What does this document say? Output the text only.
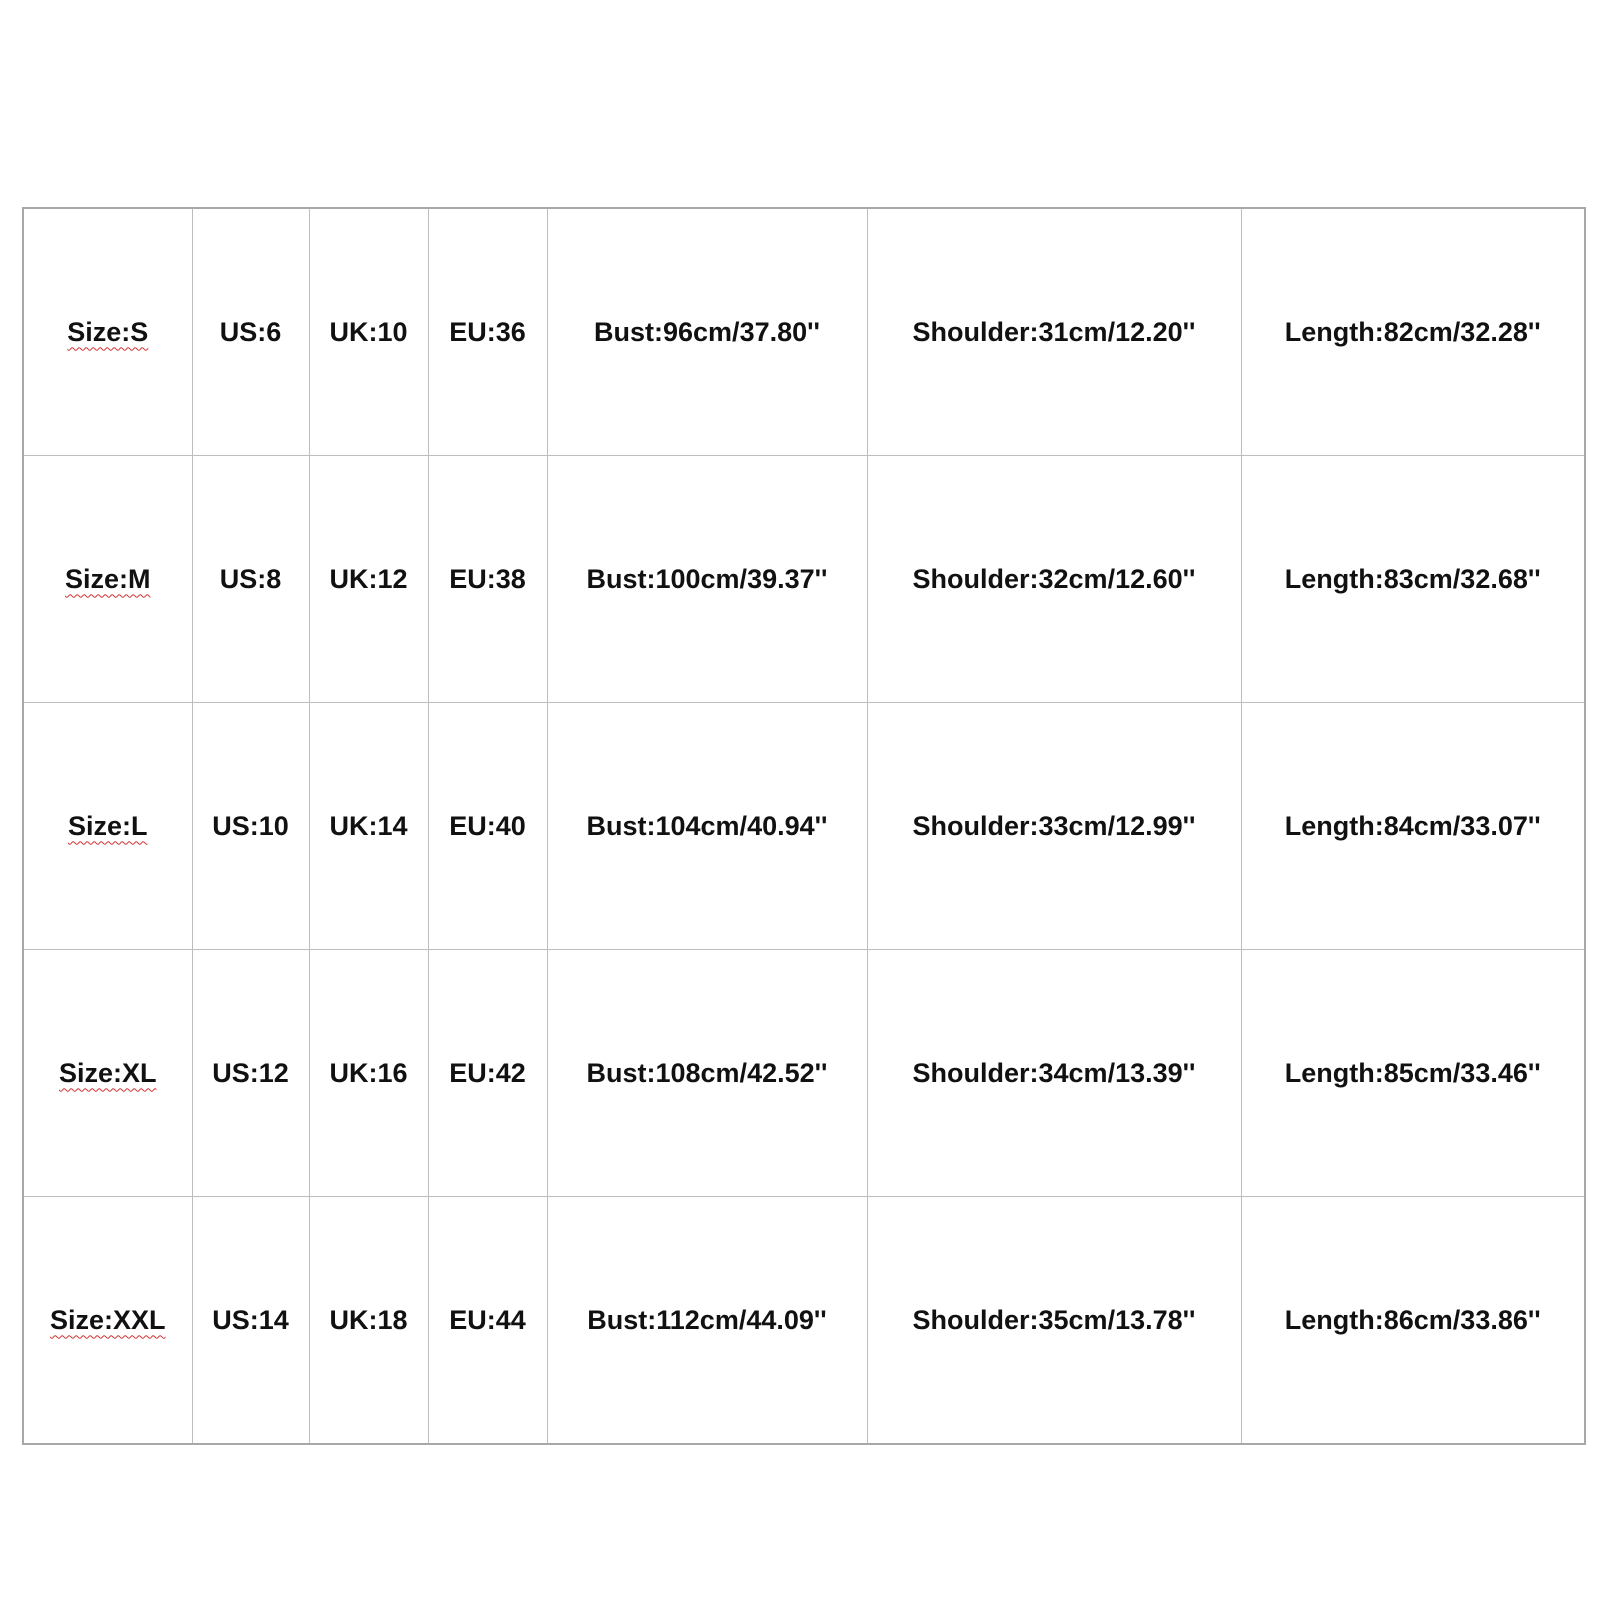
Size:S	US:6	UK:10	EU:36	Bust:96cm/37.80''	Shoulder:31cm/12.20''	Length:82cm/32.28''
Size:M	US:8	UK:12	EU:38	Bust:100cm/39.37''	Shoulder:32cm/12.60''	Length:83cm/32.68''
Size:L	US:10	UK:14	EU:40	Bust:104cm/40.94''	Shoulder:33cm/12.99''	Length:84cm/33.07''
Size:XL	US:12	UK:16	EU:42	Bust:108cm/42.52''	Shoulder:34cm/13.39''	Length:85cm/33.46''
Size:XXL	US:14	UK:18	EU:44	Bust:112cm/44.09''	Shoulder:35cm/13.78''	Length:86cm/33.86''
